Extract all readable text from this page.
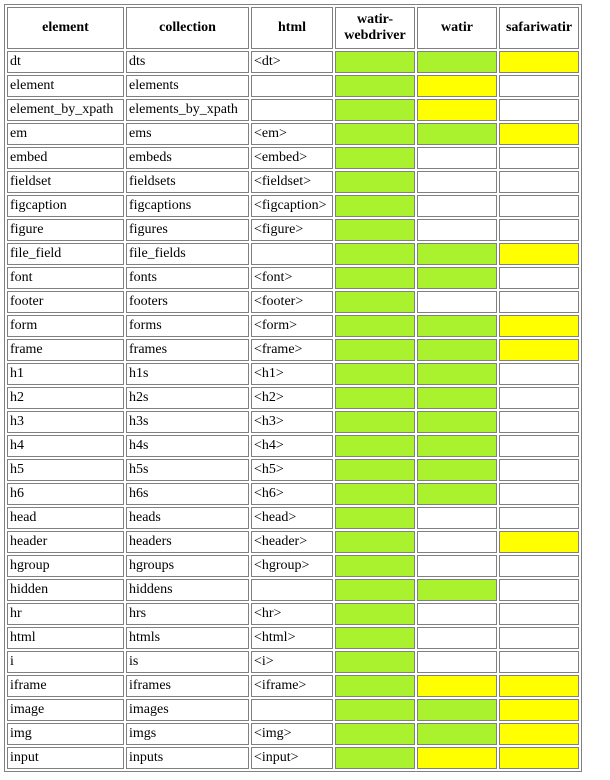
element	collection	html	watir-webdriver	watir	safariwatir
dt	dts	<dt>			
element	elements				
element_by_xpath	elements_by_xpath				
em	ems	<em>			
embed	embeds	<embed>			
fieldset	fieldsets	<fieldset>			
figcaption	figcaptions	<figcaption>			
figure	figures	<figure>			
file_field	file_fields				
font	fonts	<font>			
footer	footers	<footer>			
form	forms	<form>			
frame	frames	<frame>			
h1	h1s	<h1>			
h2	h2s	<h2>			
h3	h3s	<h3>			
h4	h4s	<h4>			
h5	h5s	<h5>			
h6	h6s	<h6>			
head	heads	<head>			
header	headers	<header>			
hgroup	hgroups	<hgroup>			
hidden	hiddens				
hr	hrs	<hr>			
html	htmls	<html>			
i	is	<i>			
iframe	iframes	<iframe>			
image	images				
img	imgs	<img>			
input	inputs	<input>			
